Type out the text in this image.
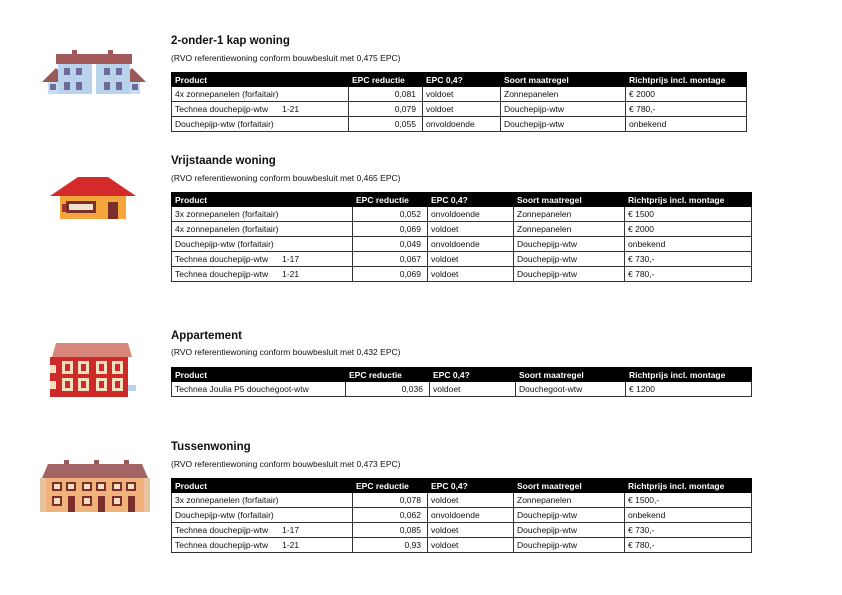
2-onder-1 kap woning
(RVO referentiewoning conform bouwbesluit met 0,475 EPC)
Product	EPC reductie	EPC 0,4?	Soort maatregel	Richtprijs incl. montage
4x zonnepanelen (forfaitair)	0,081	voldoet	Zonnepanelen	€ 2000
Technea douchepijp-wtw 1-21	0,079	voldoet	Douchepijp-wtw	€ 780,-
Douchepijp-wtw (forfaitair)	0,055	onvoldoende	Douchepijp-wtw	onbekend
Vrijstaande woning
(RVO referentiewoning conform bouwbesluit met 0,465 EPC)
Product	EPC reductie	EPC 0,4?	Soort maatregel	Richtprijs incl. montage
3x zonnepanelen (forfaitair)	0,052	onvoldoende	Zonnepanelen	€ 1500
4x zonnepanelen (forfaitair)	0,069	voldoet	Zonnepanelen	€ 2000
Douchepijp-wtw (forfaitair)	0,049	onvoldoende	Douchepijp-wtw	onbekend
Technea douchepijp-wtw 1-17	0,067	voldoet	Douchepijp-wtw	€ 730,-
Technea douchepijp-wtw 1-21	0,069	voldoet	Douchepijp-wtw	€ 780,-
Appartement
(RVO referentiewoning conform bouwbesluit met 0,432 EPC)
Product	EPC reductie	EPC 0,4?	Soort maatregel	Richtprijs incl. montage
Technea Joulia P5 douchegoot-wtw	0,036	voldoet	Douchegoot-wtw	€ 1200
Tussenwoning
(RVO referentiewoning conform bouwbesluit met 0,473 EPC)
Product	EPC reductie	EPC 0,4?	Soort maatregel	Richtprijs incl. montage
3x zonnepanelen (forfaitair)	0,078	voldoet	Zonnepanelen	€ 1500,-
Douchepijp-wtw (forfaitair)	0,062	onvoldoende	Douchepijp-wtw	onbekend
Technea douchepijp-wtw 1-17	0,085	voldoet	Douchepijp-wtw	€ 730,-
Technea douchepijp-wtw 1-21	0,93	voldoet	Douchepijp-wtw	€ 780,-
